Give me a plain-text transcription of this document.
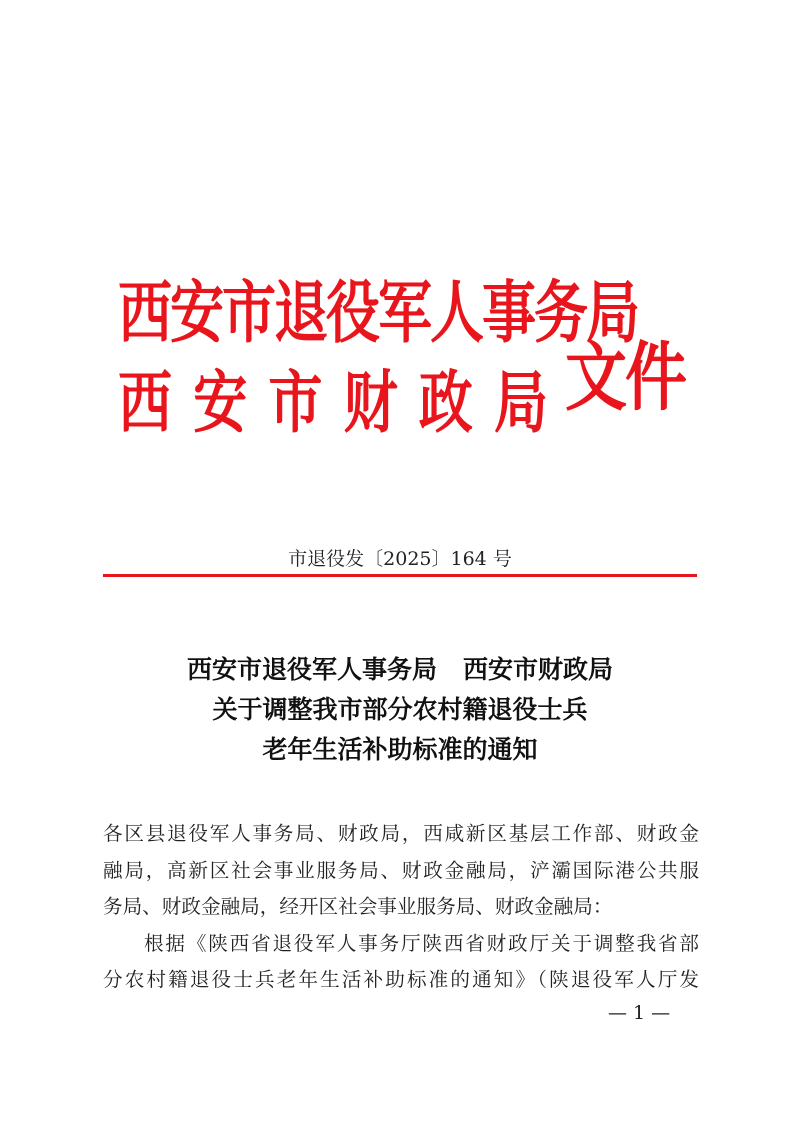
西安市退役军人事务局
西 安 市 财 政 局 文件
市退役发〔2025〕164 号
西安市退役军人事务局 西安市财政局
关于调整我市部分农村籍退役士兵
老年生活补助标准的通知
各区县退役军人事务局、财政局，西咸新区基层工作部、财政金
融局，高新区社会事业服务局、财政金融局，浐灞国际港公共服
务局、财政金融局，经开区社会事业服务局、财政金融局：
根据《陕西省退役军人事务厅陕西省财政厅关于调整我省部
分农村籍退役士兵老年生活补助标准的通知》（陕退役军人厅发
— 1 —
